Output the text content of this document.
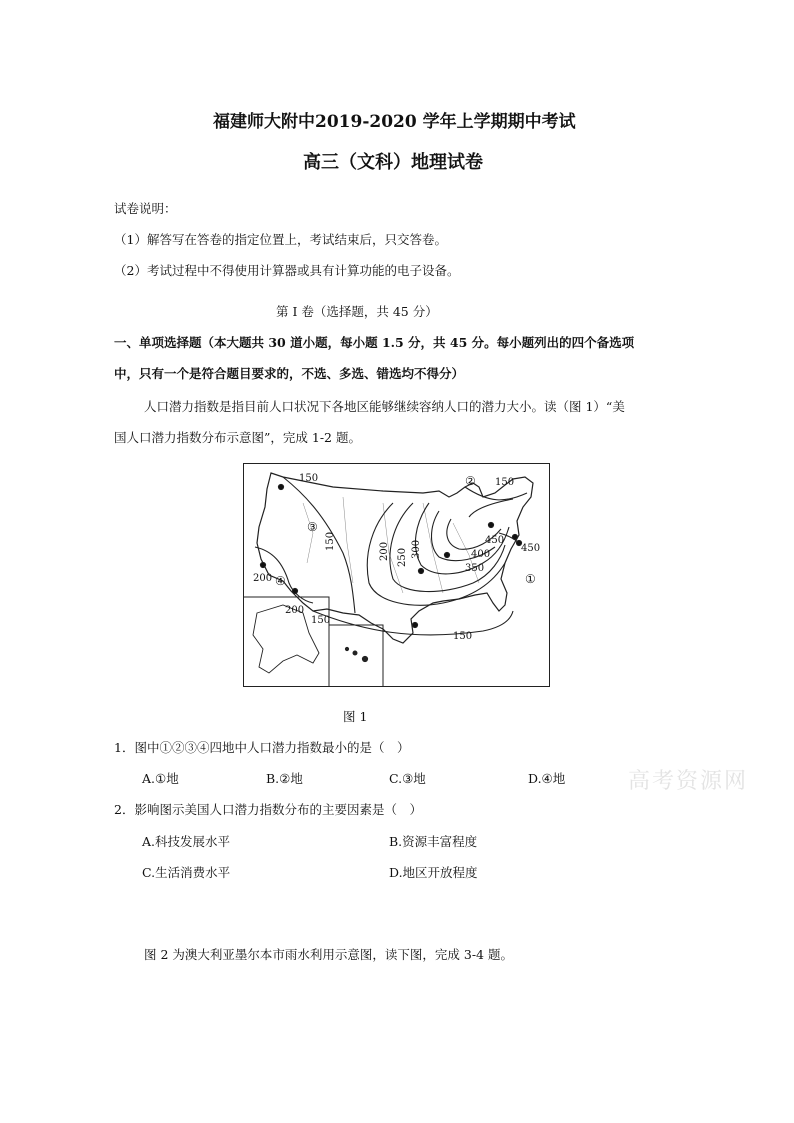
福建师大附中2019-2020 学年上学期期中考试
高三（文科）地理试卷
试卷说明：
（1）解答写在答卷的指定位置上，考试结束后，只交答卷。
（2）考试过程中不得使用计算器或具有计算功能的电子设备。
第 Ⅰ 卷（选择题，共 45 分）
一、单项选择题（本大题共 30 道小题，每小题 1.5 分，共 45 分。每小题列出的四个备选项
中，只有一个是符合题目要求的，不选、多选、错选均不得分）
人口潜力指数是指目前人口状况下各地区能够继续容纳人口的潜力大小。读（图 1）“美
国人口潜力指数分布示意图”，完成 1-2 题。
150	150
150
150
150
200
200
200 250 300
350
400
450
450
①
②
③
④
图 1
1．图中①②③④四地中人口潜力指数最小的是（　）
A.①地	B.②地	C.③地	D.④地
2．影响图示美国人口潜力指数分布的主要因素是（　）
A.科技发展水平	B.资源丰富程度
C.生活消费水平	D.地区开放程度
图 2 为澳大利亚墨尔本市雨水利用示意图，读下图，完成 3-4 题。
高考资源网
